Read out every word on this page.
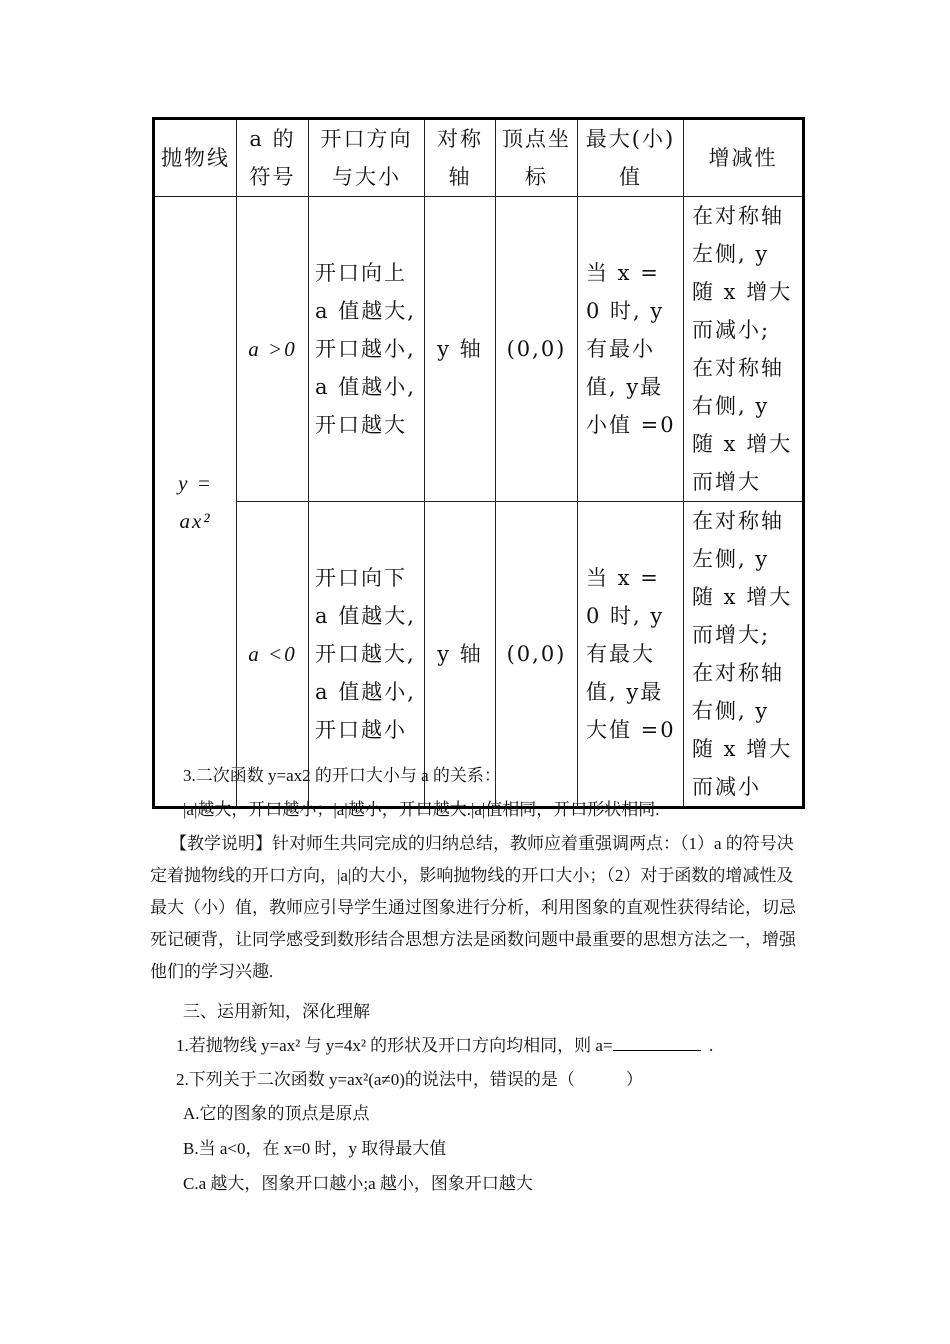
抛物线	a 的符号	开口方向与大小	对称轴	顶点坐标	最大(小)值	增减性
y = ax²	a >0	开口向上 a 值越大, 开口越小, a 值越小, 开口越大	y 轴	(0,0)	当 x = 0 时, y 有最小值, y最小值 =0	在对称轴左侧, y 随 x 增大而减小; 在对称轴右侧, y 随 x 增大而增大
	a <0	开口向下 a 值越大, 开口越大, a 值越小, 开口越小	y 轴	(0,0)	当 x = 0 时, y 有最大值, y最大值 =0	在对称轴左侧, y 随 x 增大而增大; 在对称轴右侧, y 随 x 增大而减小
3.二次函数 y=ax2 的开口大小与 a 的关系：
|a|越大，开口越小；|a|越小，开口越大.|a|值相同，开口形状相同.
【教学说明】针对师生共同完成的归纳总结，教师应着重强调两点：（1）a 的符号决定着抛物线的开口方向，|a|的大小，影响抛物线的开口大小；（2）对于函数的增减性及最大（小）值，教师应引导学生通过图象进行分析，利用图象的直观性获得结论，切忌死记硬背，让同学感受到数形结合思想方法是函数问题中最重要的思想方法之一，增强他们的学习兴趣.
三、运用新知，深化理解
1.若抛物线 y=ax² 与 y=4x² 的形状及开口方向均相同，则 a=	.
2.下列关于二次函数 y=ax²(a≠0)的说法中，错误的是（　　　）
A.它的图象的顶点是原点
B.当 a<0，在 x=0 时，y 取得最大值
C.a 越大，图象开口越小;a 越小，图象开口越大
